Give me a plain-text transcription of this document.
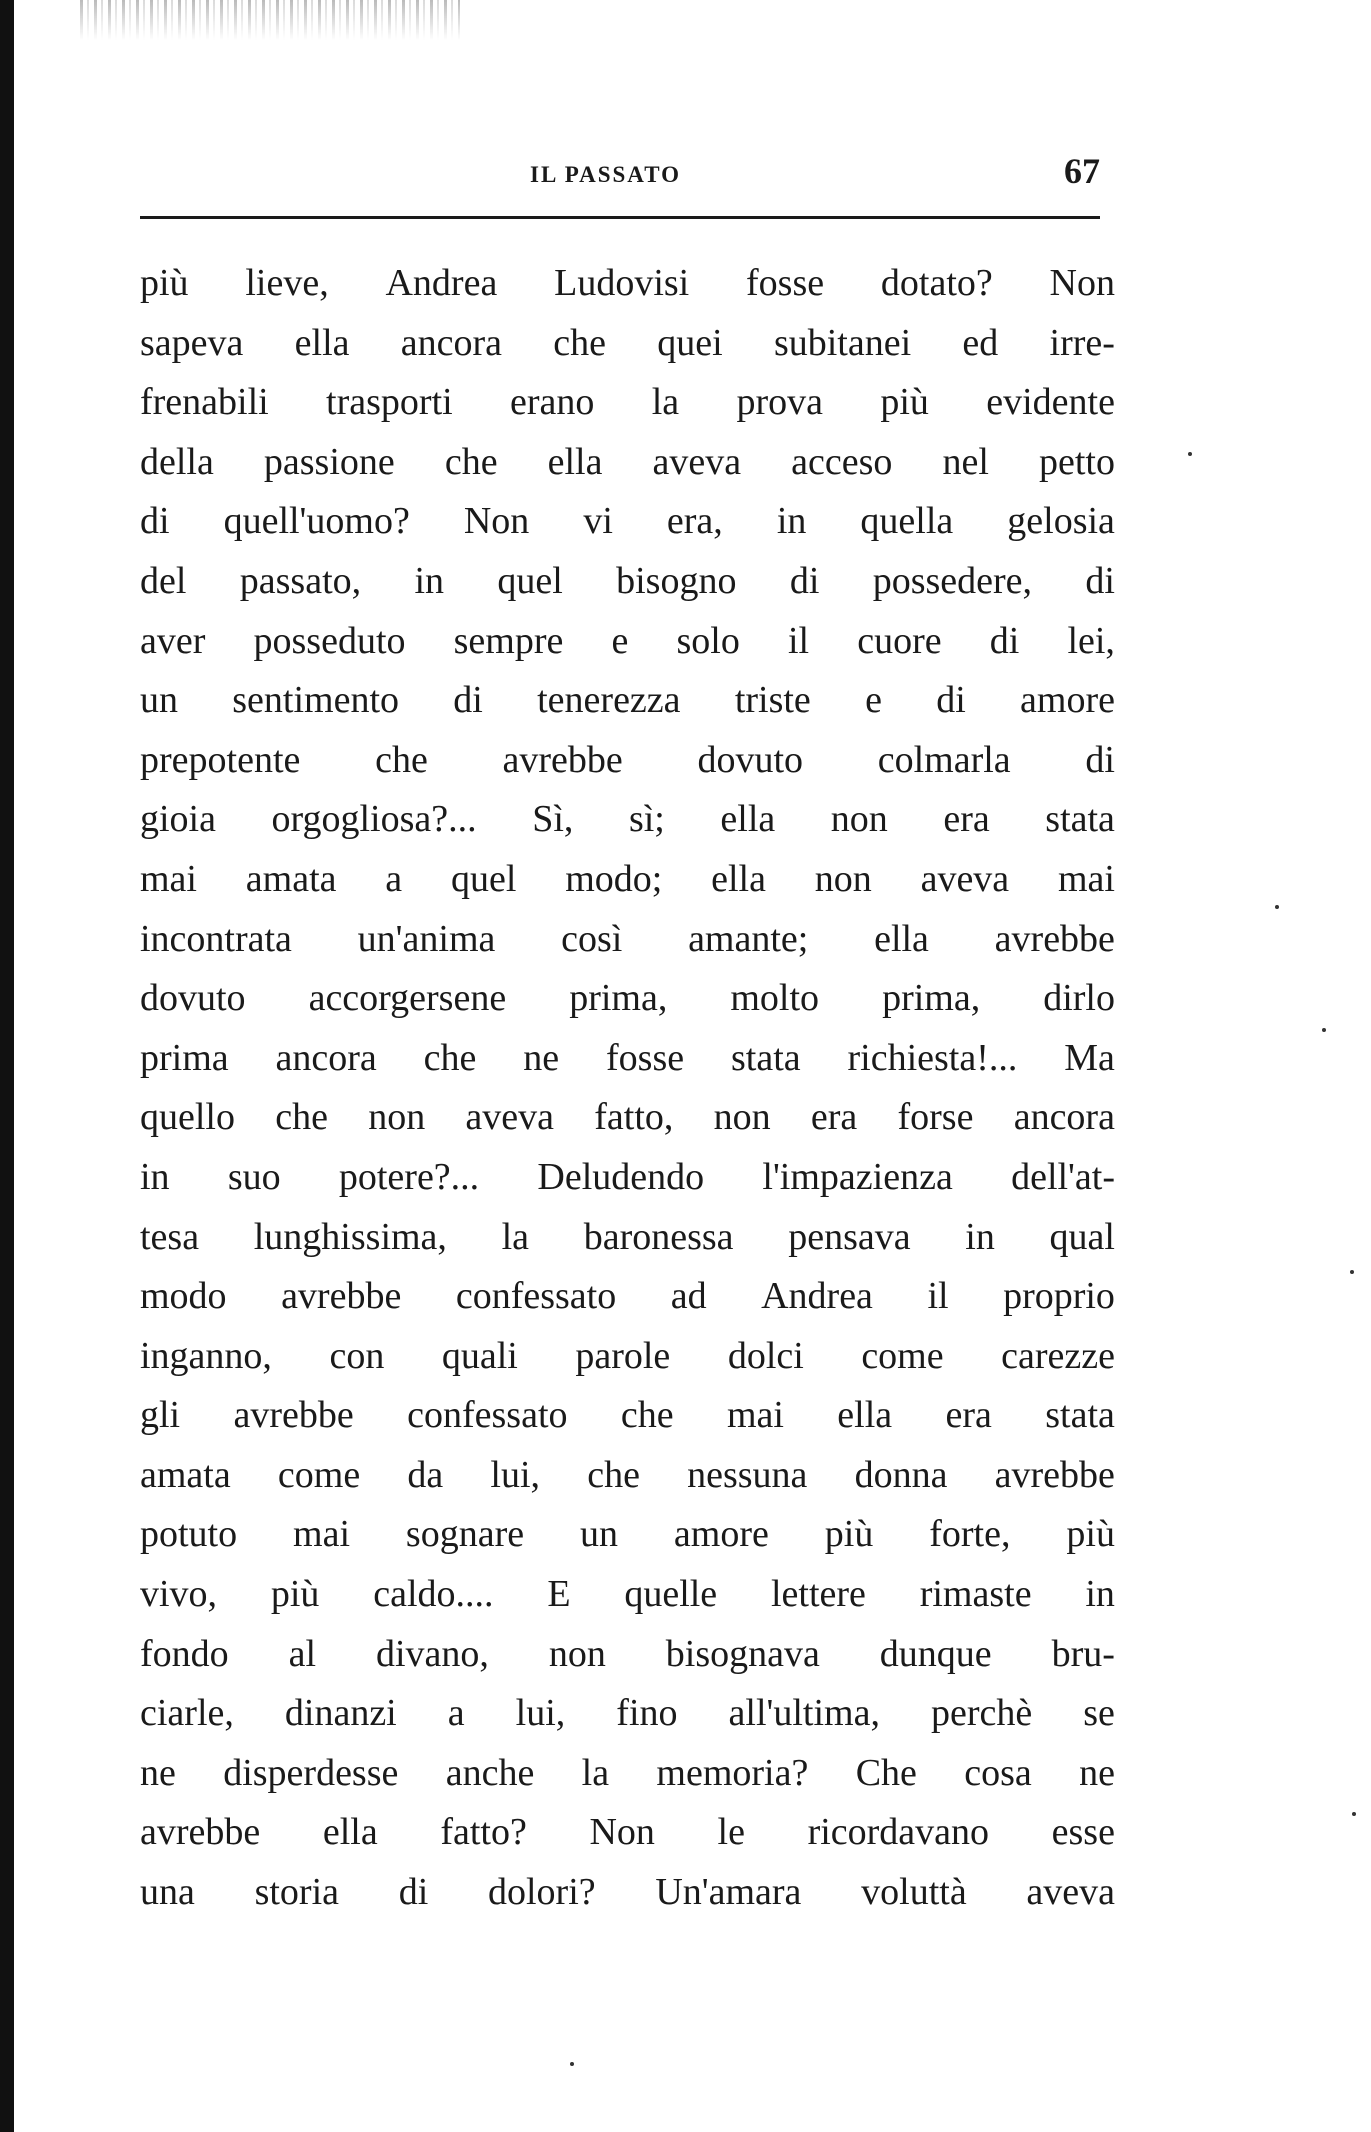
IL PASSATO	67
più lieve, Andrea Ludovisi fosse dotato? Non
sapeva ella ancora che quei subitanei ed irre-
frenabili trasporti erano la prova più evidente
della passione che ella aveva acceso nel petto
di quell'uomo? Non vi era, in quella gelosia
del passato, in quel bisogno di possedere, di
aver posseduto sempre e solo il cuore di lei,
un sentimento di tenerezza triste e di amore
prepotente che avrebbe dovuto colmarla di
gioia orgogliosa?... Sì, sì; ella non era stata
mai amata a quel modo; ella non aveva mai
incontrata un'anima così amante; ella avrebbe
dovuto accorgersene prima, molto prima, dirlo
prima ancora che ne fosse stata richiesta!... Ma
quello che non aveva fatto, non era forse ancora
in suo potere?... Deludendo l'impazienza dell'at-
tesa lunghissima, la baronessa pensava in qual
modo avrebbe confessato ad Andrea il proprio
inganno, con quali parole dolci come carezze
gli avrebbe confessato che mai ella era stata
amata come da lui, che nessuna donna avrebbe
potuto mai sognare un amore più forte, più
vivo, più caldo.... E quelle lettere rimaste in
fondo al divano, non bisognava dunque bru-
ciarle, dinanzi a lui, fino all'ultima, perchè se
ne disperdesse anche la memoria? Che cosa ne
avrebbe ella fatto? Non le ricordavano esse
una storia di dolori? Un'amara voluttà aveva
